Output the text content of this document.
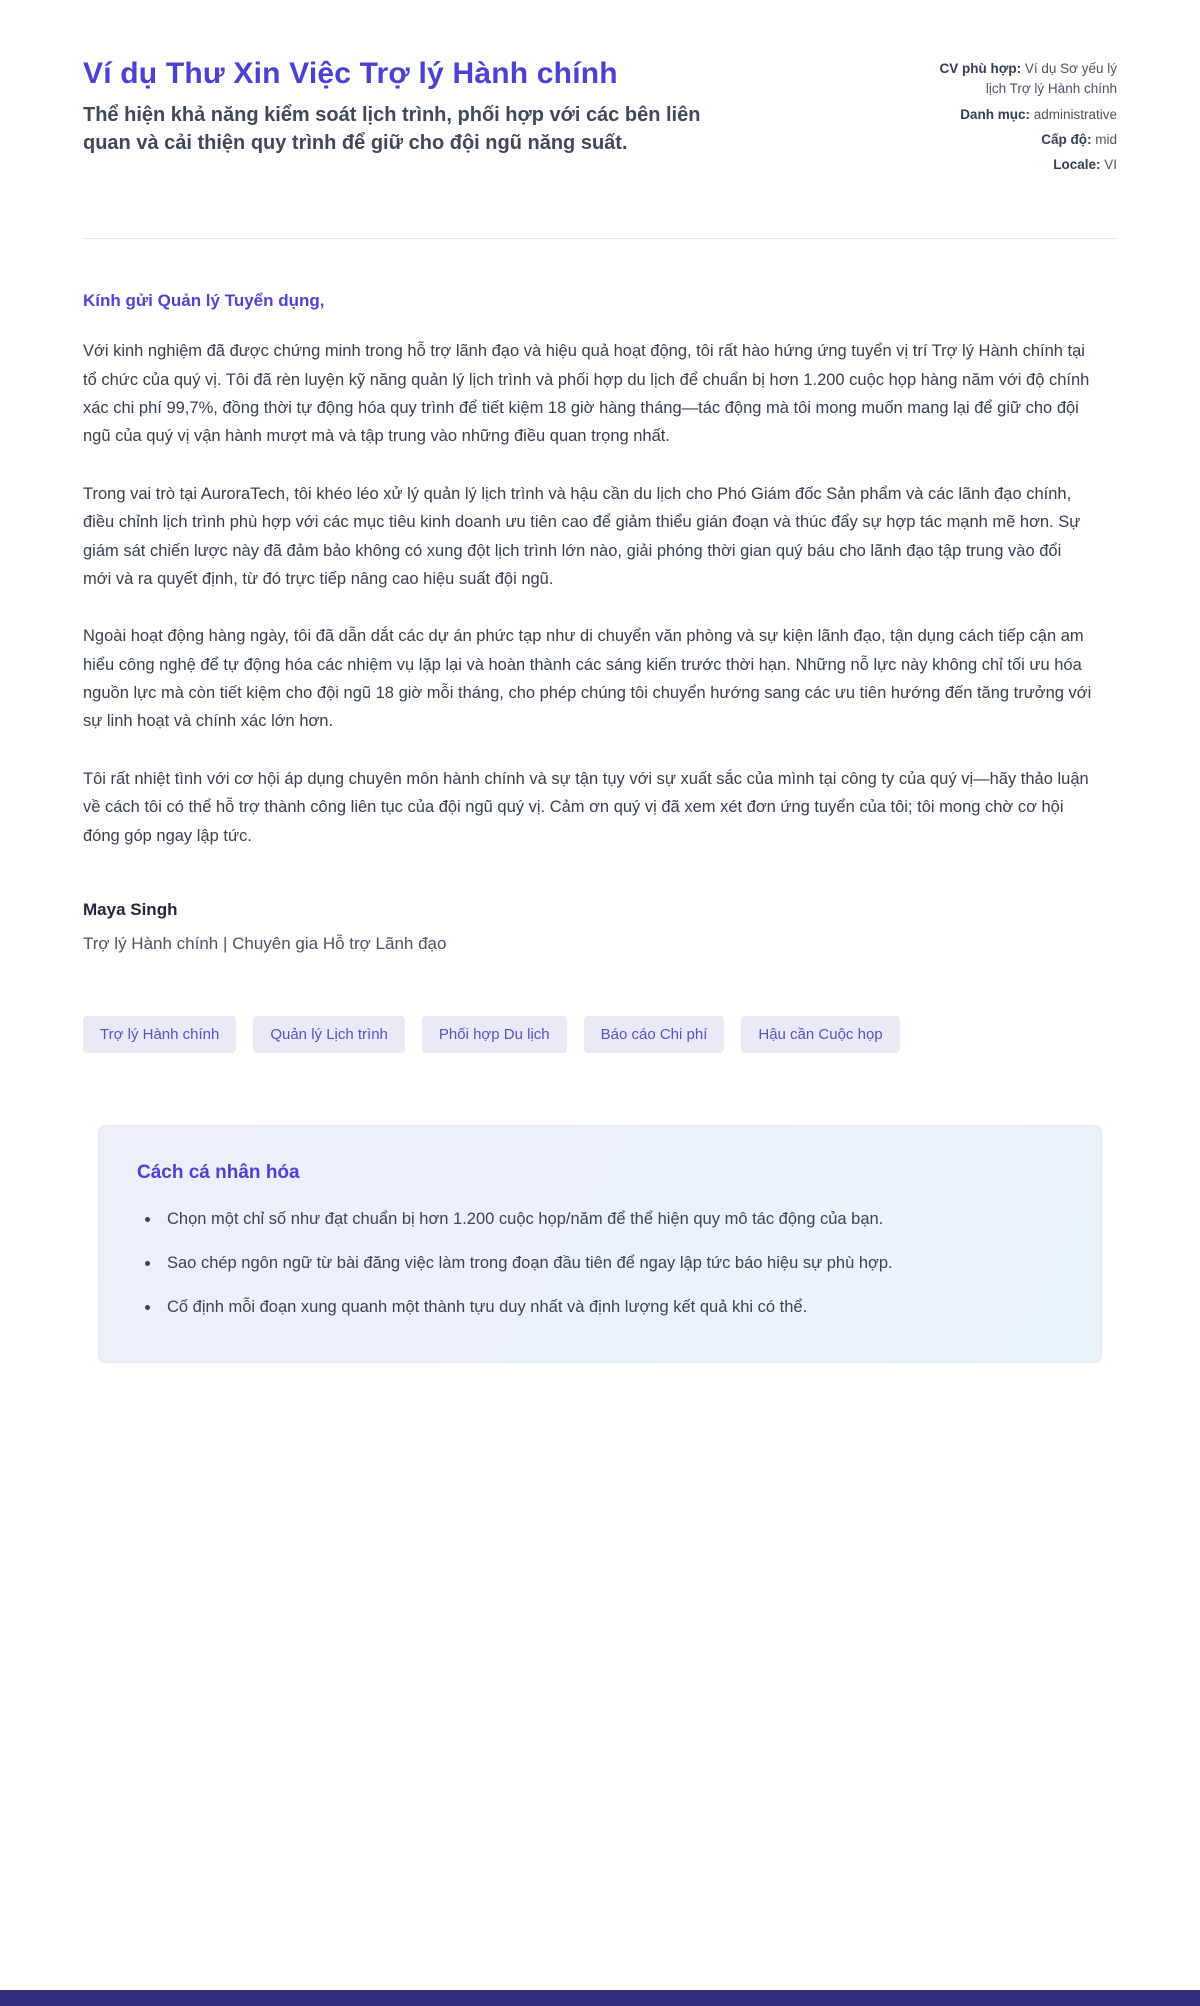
Ví dụ Thư Xin Việc Trợ lý Hành chính

Thể hiện khả năng kiểm soát lịch trình, phối hợp với các bên liên quan và cải thiện quy trình để giữ cho đội ngũ năng suất.

CV phù hợp: Ví dụ Sơ yếu lý lịch Trợ lý Hành chính
Danh mục: administrative
Cấp độ: mid
Locale: VI

Kính gửi Quản lý Tuyển dụng,

Với kinh nghiệm đã được chứng minh trong hỗ trợ lãnh đạo và hiệu quả hoạt động, tôi rất hào hứng ứng tuyển vị trí Trợ lý Hành chính tại tổ chức của quý vị. Tôi đã rèn luyện kỹ năng quản lý lịch trình và phối hợp du lịch để chuẩn bị hơn 1.200 cuộc họp hàng năm với độ chính xác chi phí 99,7%, đồng thời tự động hóa quy trình để tiết kiệm 18 giờ hàng tháng—tác động mà tôi mong muốn mang lại để giữ cho đội ngũ của quý vị vận hành mượt mà và tập trung vào những điều quan trọng nhất.

Trong vai trò tại AuroraTech, tôi khéo léo xử lý quản lý lịch trình và hậu cần du lịch cho Phó Giám đốc Sản phẩm và các lãnh đạo chính, điều chỉnh lịch trình phù hợp với các mục tiêu kinh doanh ưu tiên cao để giảm thiểu gián đoạn và thúc đẩy sự hợp tác mạnh mẽ hơn. Sự giám sát chiến lược này đã đảm bảo không có xung đột lịch trình lớn nào, giải phóng thời gian quý báu cho lãnh đạo tập trung vào đổi mới và ra quyết định, từ đó trực tiếp nâng cao hiệu suất đội ngũ.

Ngoài hoạt động hàng ngày, tôi đã dẫn dắt các dự án phức tạp như di chuyển văn phòng và sự kiện lãnh đạo, tận dụng cách tiếp cận am hiểu công nghệ để tự động hóa các nhiệm vụ lặp lại và hoàn thành các sáng kiến trước thời hạn. Những nỗ lực này không chỉ tối ưu hóa nguồn lực mà còn tiết kiệm cho đội ngũ 18 giờ mỗi tháng, cho phép chúng tôi chuyển hướng sang các ưu tiên hướng đến tăng trưởng với sự linh hoạt và chính xác lớn hơn.

Tôi rất nhiệt tình với cơ hội áp dụng chuyên môn hành chính và sự tận tụy với sự xuất sắc của mình tại công ty của quý vị—hãy thảo luận về cách tôi có thể hỗ trợ thành công liên tục của đội ngũ quý vị. Cảm ơn quý vị đã xem xét đơn ứng tuyển của tôi; tôi mong chờ cơ hội đóng góp ngay lập tức.

Maya Singh

Trợ lý Hành chính | Chuyên gia Hỗ trợ Lãnh đạo

Trợ lý Hành chính	Quản lý Lịch trình	Phối hợp Du lịch	Báo cáo Chi phí	Hậu cần Cuộc họp
Cách cá nhân hóa
• Chọn một chỉ số như đạt chuẩn bị hơn 1.200 cuộc họp/năm để thể hiện quy mô tác động của bạn.
• Sao chép ngôn ngữ từ bài đăng việc làm trong đoạn đầu tiên để ngay lập tức báo hiệu sự phù hợp.
• Cố định mỗi đoạn xung quanh một thành tựu duy nhất và định lượng kết quả khi có thể.
